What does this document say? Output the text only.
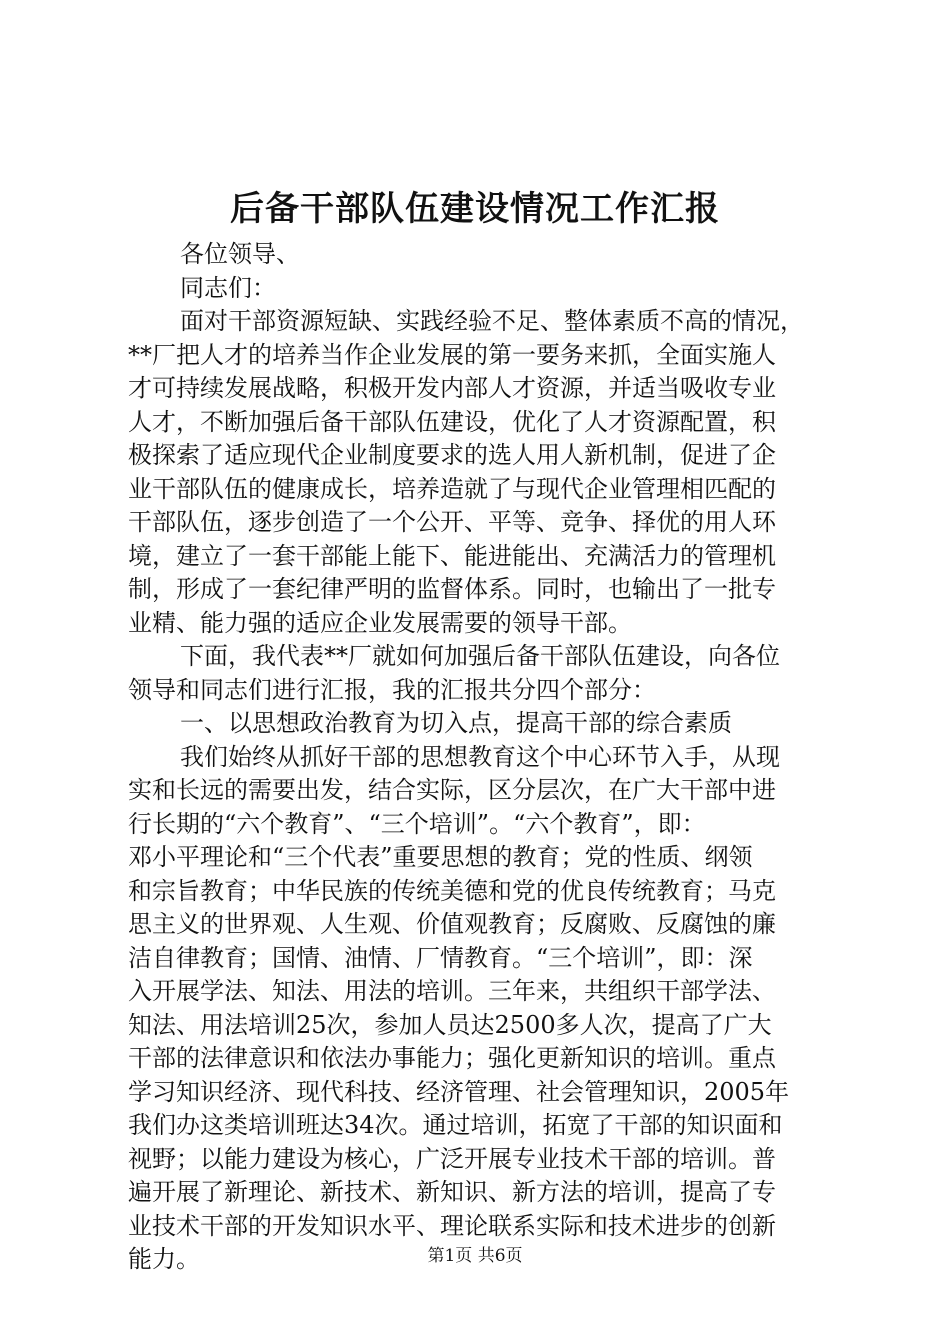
后备干部队伍建设情况工作汇报

各位领导、

同志们：

面对干部资源短缺、实践经验不足、整体素质不高的情况，

**厂把人才的培养当作企业发展的第一要务来抓，全面实施人

才可持续发展战略，积极开发内部人才资源，并适当吸收专业

人才，不断加强后备干部队伍建设，优化了人才资源配置，积

极探索了适应现代企业制度要求的选人用人新机制，促进了企

业干部队伍的健康成长，培养造就了与现代企业管理相匹配的

干部队伍，逐步创造了一个公开、平等、竞争、择优的用人环

境，建立了一套干部能上能下、能进能出、充满活力的管理机

制，形成了一套纪律严明的监督体系。同时，也输出了一批专

业精、能力强的适应企业发展需要的领导干部。

下面，我代表**厂就如何加强后备干部队伍建设，向各位

领导和同志们进行汇报，我的汇报共分四个部分：

一、以思想政治教育为切入点，提高干部的综合素质

我们始终从抓好干部的思想教育这个中心环节入手，从现

实和长远的需要出发，结合实际，区分层次，在广大干部中进

行长期的“六个教育”、“三个培训”。“六个教育”，即：

邓小平理论和“三个代表”重要思想的教育；党的性质、纲领

和宗旨教育；中华民族的传统美德和党的优良传统教育；马克

思主义的世界观、人生观、价值观教育；反腐败、反腐蚀的廉

洁自律教育；国情、油情、厂情教育。“三个培训”，即：深

入开展学法、知法、用法的培训。三年来，共组织干部学法、

知法、用法培训25次，参加人员达2500多人次，提高了广大

干部的法律意识和依法办事能力；强化更新知识的培训。重点

学习知识经济、现代科技、经济管理、社会管理知识，2005年

我们办这类培训班达34次。通过培训，拓宽了干部的知识面和

视野；以能力建设为核心，广泛开展专业技术干部的培训。普

遍开展了新理论、新技术、新知识、新方法的培训，提高了专

业技术干部的开发知识水平、理论联系实际和技术进步的创新

能力。	第1页 共6页
